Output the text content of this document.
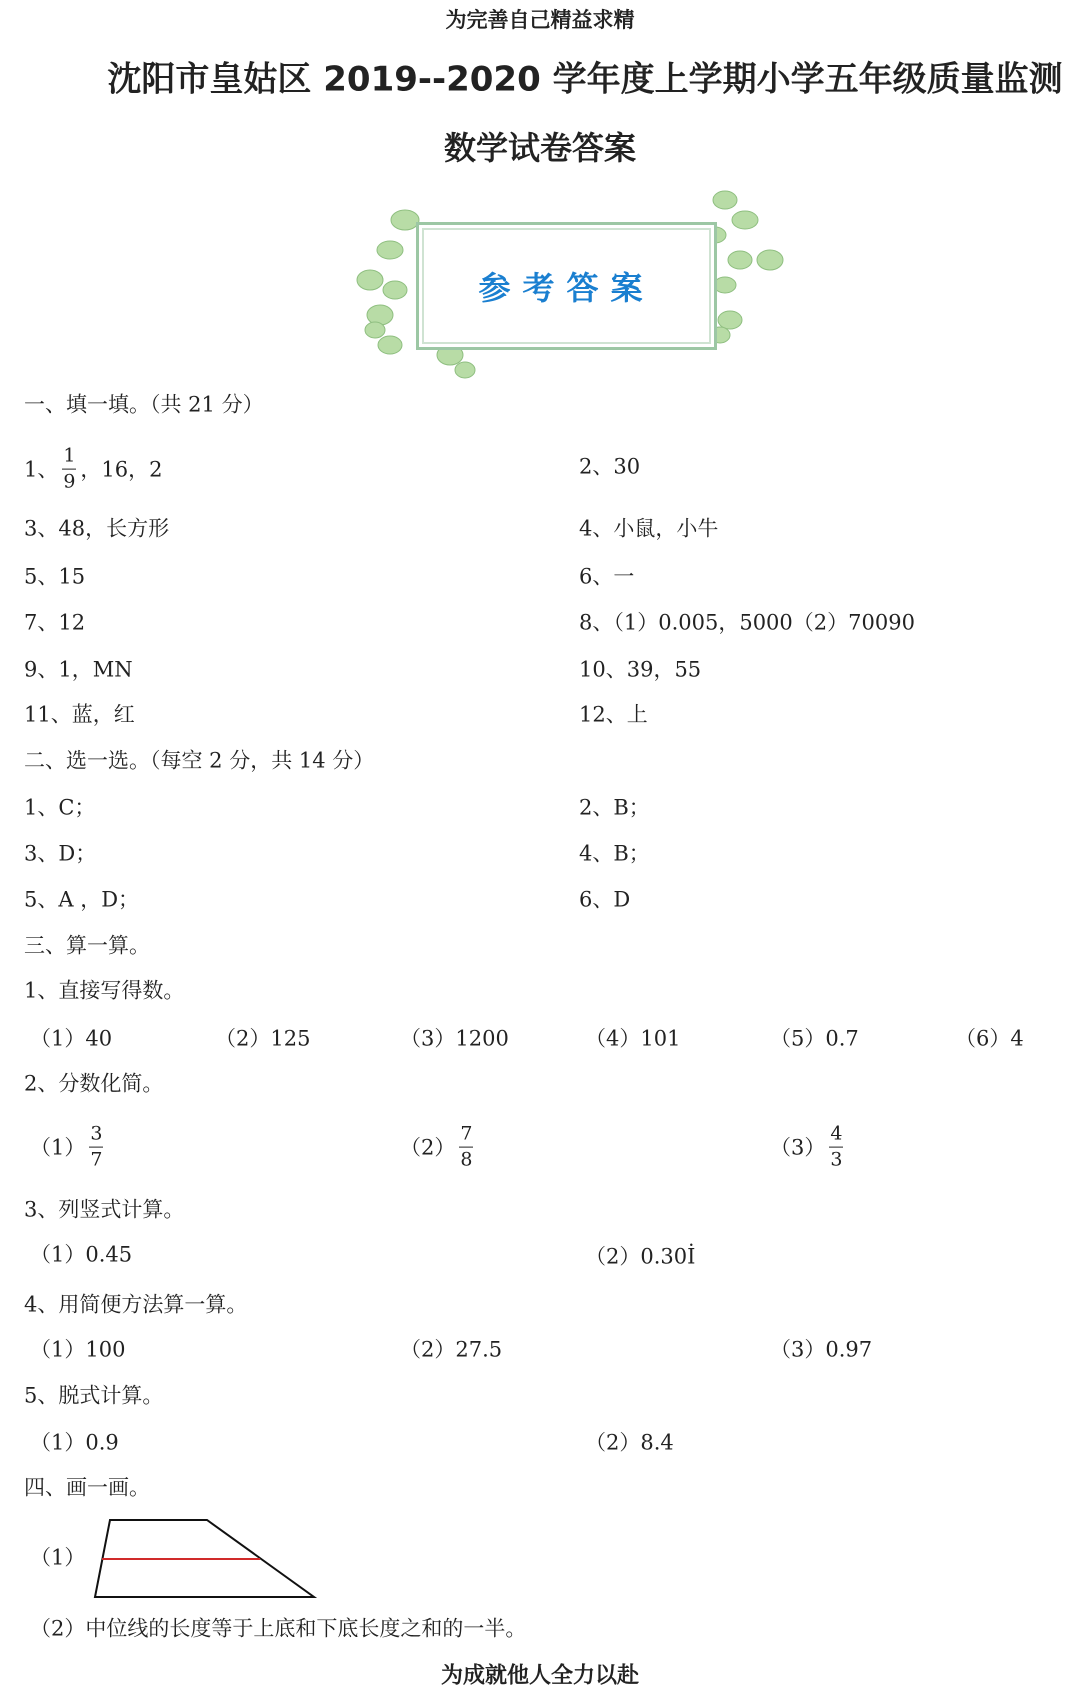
为完善自己精益求精
沈阳市皇姑区 2019--2020 学年度上学期小学五年级质量监测
数学试卷答案
参考答案
一、填一填。（共 21 分）
1、 $\frac{1}{9}$ ，16，2	2、30
3、48，长方形	4、小鼠，小牛
5、15	6、一
7、12	8、（1）0.005，5000（2）70090
9、1，MN	10、39，55
11、蓝，红	12、上
二、选一选。（每空 2 分，共 14 分）
1、C；	2、B；
3、D；	4、B；
5、A ，D；	6、D
三、算一算。
1、直接写得数。
（1）40	（2）125	（3）1200	（4）101	（5）0.7	（6）4
2、分数化简。
$(1) \frac{3}{7}$	$(2) \frac{7}{8}$	$(3) \frac{4}{3}$
3、列竖式计算。
（1）0.45	（2）0.30İ
4、用简便方法算一算。
（1）100	（2）27.5	（3）0.97
5、脱式计算。
（1）0.9	（2）8.4
四、画一画。
（1）
（2）中位线的长度等于上底和下底长度之和的一半。
为成就他人全力以赴
